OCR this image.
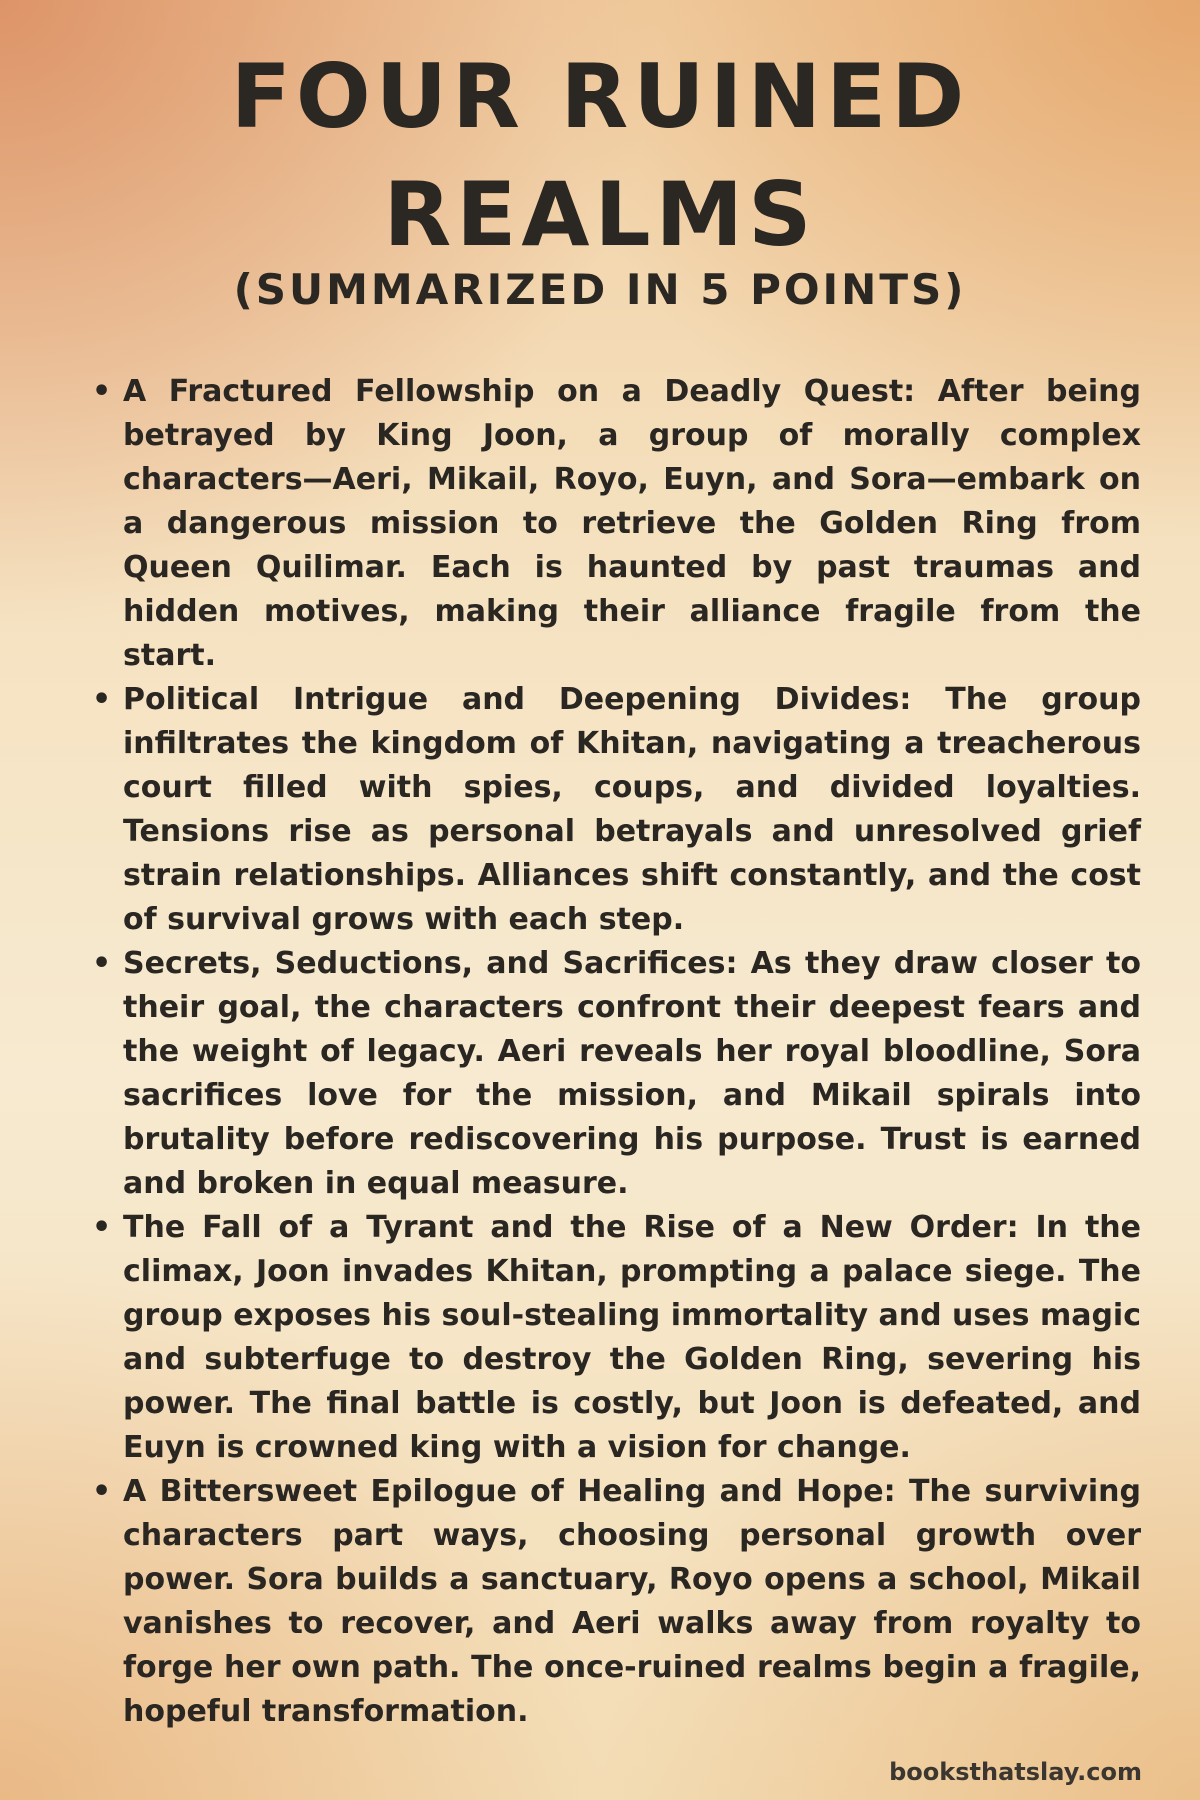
FOUR RUINED REALMS
(SUMMARIZED IN 5 POINTS)
• A Fractured Fellowship on a Deadly Quest: After being betrayed by King Joon, a group of morally complex characters—Aeri, Mikail, Royo, Euyn, and Sora—embark on a dangerous mission to retrieve the Golden Ring from Queen Quilimar. Each is haunted by past traumas and hidden motives, making their alliance fragile from the start.
• Political Intrigue and Deepening Divides: The group infiltrates the kingdom of Khitan, navigating a treacherous court filled with spies, coups, and divided loyalties. Tensions rise as personal betrayals and unresolved grief strain relationships. Alliances shift constantly, and the cost of survival grows with each step.
• Secrets, Seductions, and Sacrifices: As they draw closer to their goal, the characters confront their deepest fears and the weight of legacy. Aeri reveals her royal bloodline, Sora sacrifices love for the mission, and Mikail spirals into brutality before rediscovering his purpose. Trust is earned and broken in equal measure.
• The Fall of a Tyrant and the Rise of a New Order: In the climax, Joon invades Khitan, prompting a palace siege. The group exposes his soul-stealing immortality and uses magic and subterfuge to destroy the Golden Ring, severing his power. The final battle is costly, but Joon is defeated, and Euyn is crowned king with a vision for change.
• A Bittersweet Epilogue of Healing and Hope: The surviving characters part ways, choosing personal growth over power. Sora builds a sanctuary, Royo opens a school, Mikail vanishes to recover, and Aeri walks away from royalty to forge her own path. The once-ruined realms begin a fragile, hopeful transformation.
booksthatslay.com
